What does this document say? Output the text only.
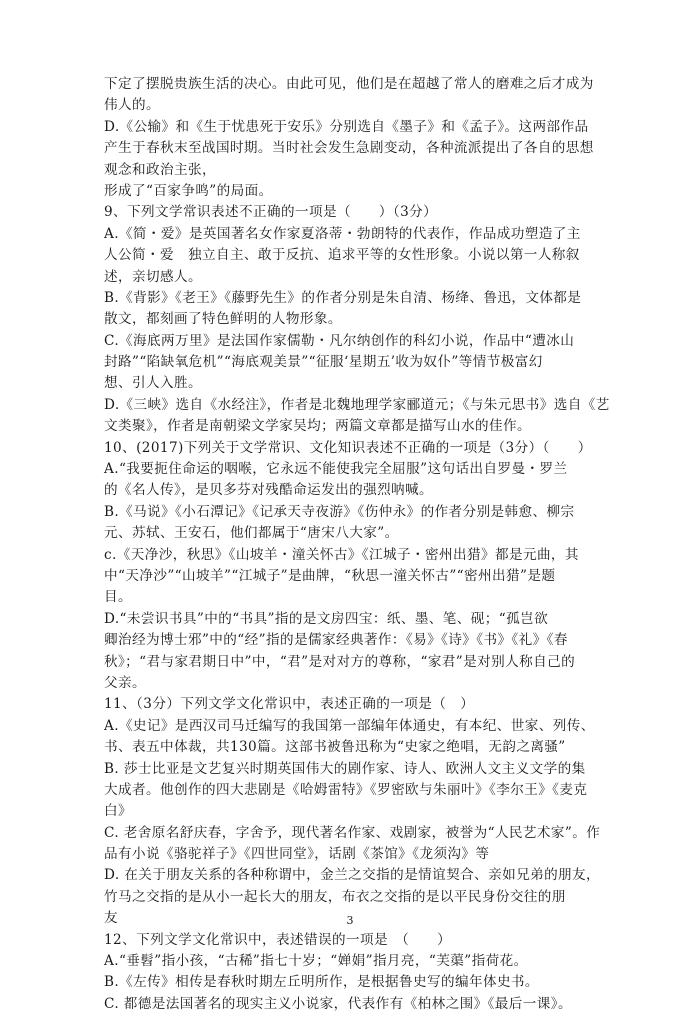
下定了摆脱贵族生活的决心。由此可见，他们是在超越了常人的磨难之后才成为
伟人的。
D.《公输》和《生于忧患死于安乐》分别选自《墨子》和《孟子》。这两部作品
产生于春秋末至战国时期。当时社会发生急剧变动，各种流派提出了各自的思想
观念和政治主张，
形成了“百家争鸣”的局面。
9、下列文学常识表述不正确的一项是（　　）（3分）
A.《简・爱》是英国著名女作家夏洛蒂・勃朗特的代表作，作品成功塑造了主
人公简・爱　独立自主、敢于反抗、追求平等的女性形象。小说以第一人称叙
述，亲切感人。
B.《背影》《老王》《藤野先生》的作者分别是朱自清、杨绛、鲁迅，文体都是
散文，都刻画了特色鲜明的人物形象。
C.《海底两万里》是法国作家儒勒・凡尔纳创作的科幻小说，作品中“遭冰山
封路”“陷缺氧危机”“海底观美景”“征服‘星期五’收为奴仆”等情节极富幻
想、引人入胜。
D.《三峡》选自《水经注》，作者是北魏地理学家郦道元；《与朱元思书》选自《艺
文类聚》，作者是南朝梁文学家吴均；两篇文章都是描写山水的佳作。
10、(2017)下列关于文学常识、文化知识表述不正确的一项是（3分）（　　）
A.“我要扼住命运的咽喉，它永远不能使我完全屈服”这句话出自罗曼・罗兰
的《名人传》，是贝多芬对残酷命运发出的强烈呐喊。
B.《马说》《小石潭记》《记承天寺夜游》《伤仲永》的作者分别是韩愈、柳宗
元、苏轼、王安石，他们都属于“唐宋八大家”。
c.《天净沙，秋思》《山坡羊・潼关怀古》《江城子・密州出猎》都是元曲，其
中“天净沙”“山坡羊”“江城子”是曲牌，“秋思一潼关怀古”“密州出猎”是题
目。
D.“未尝识书具”中的“书具”指的是文房四宝：纸、墨、笔、砚；“孤岂欲
卿治经为博士邪”中的“经”指的是儒家经典著作：《易》《诗》《书》《礼》《春
秋》；“君与家君期日中”中，“君”是对对方的尊称，“家君”是对别人称自己的
父亲。
11、（3分）下列文学文化常识中，表述正确的一项是（　）
A.《史记》是西汉司马迁编写的我国第一部编年体通史，有本纪、世家、列传、
书、表五中体裁，共130篇。这部书被鲁迅称为“史家之绝唱，无韵之离骚”
B. 莎士比亚是文艺复兴时期英国伟大的剧作家、诗人、欧洲人文主义文学的集
大成者。他创作的四大悲剧是《哈姆雷特》《罗密欧与朱丽叶》《李尔王》《麦克
白》
C. 老舍原名舒庆春，字舍予，现代著名作家、戏剧家，被誉为“人民艺术家”。作
品有小说《骆驼祥子》《四世同堂》，话剧《茶馆》《龙须沟》等
D. 在关于朋友关系的各种称谓中，金兰之交指的是情谊契合、亲如兄弟的朋友，
竹马之交指的是从小一起长大的朋友，布衣之交指的是以平民身份交往的朋
友
12、下列文学文化常识中，表述错误的一项是　（　　）
A.“垂髫”指小孩，“古稀”指七十岁；“婵娟”指月亮，“芙蕖”指荷花。
B.《左传》相传是春秋时期左丘明所作，是根据鲁史写的编年体史书。
C. 都德是法国著名的现实主义小说家，代表作有《柏林之围》《最后一课》。
3
